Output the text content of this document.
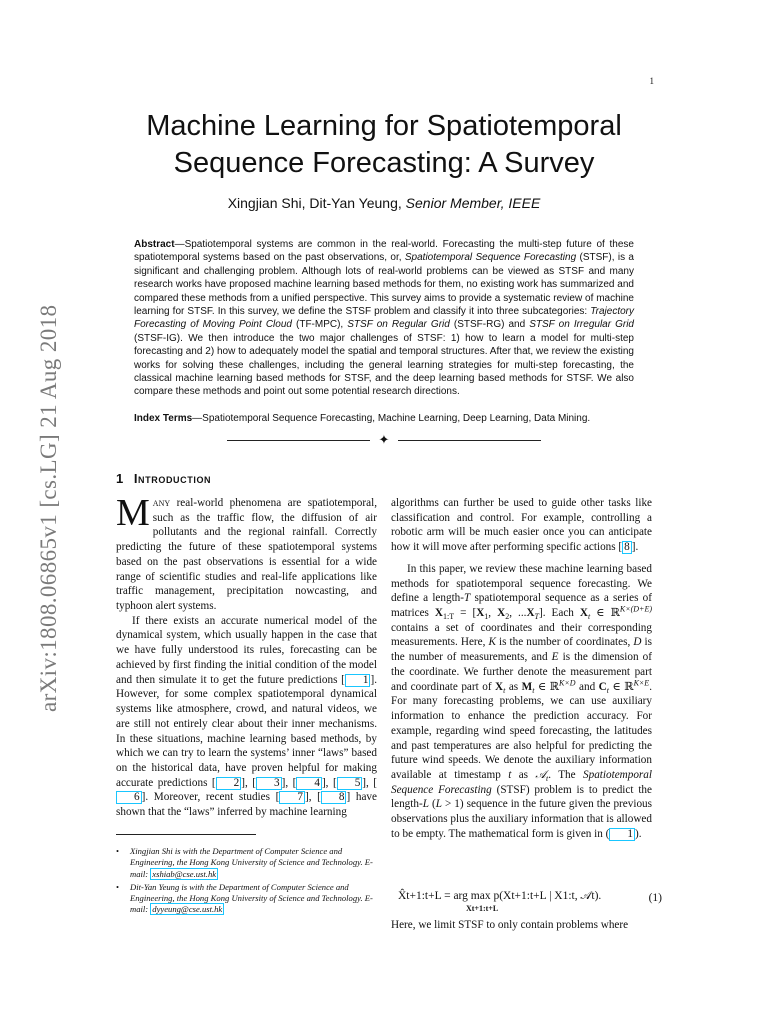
1
arXiv:1808.06865v1 [cs.LG] 21 Aug 2018
Machine Learning for Spatiotemporal
Sequence Forecasting: A Survey
Xingjian Shi, Dit-Yan Yeung, Senior Member, IEEE
Abstract—Spatiotemporal systems are common in the real-world. Forecasting the multi-step future of these spatiotemporal systems based on the past observations, or, Spatiotemporal Sequence Forecasting (STSF), is a significant and challenging problem. Although lots of real-world problems can be viewed as STSF and many research works have proposed machine learning based methods for them, no existing work has summarized and compared these methods from a unified perspective. This survey aims to provide a systematic review of machine learning for STSF. In this survey, we define the STSF problem and classify it into three subcategories: Trajectory Forecasting of Moving Point Cloud (TF-MPC), STSF on Regular Grid (STSF-RG) and STSF on Irregular Grid (STSF-IG). We then introduce the two major challenges of STSF: 1) how to learn a model for multi-step forecasting and 2) how to adequately model the spatial and temporal structures. After that, we review the existing works for solving these challenges, including the general learning strategies for multi-step forecasting, the classical machine learning based methods for STSF, and the deep learning based methods for STSF. We also compare these methods and point out some potential research directions.
Index Terms—Spatiotemporal Sequence Forecasting, Machine Learning, Deep Learning, Data Mining.
✦
1 Introduction

Many real-world phenomena are spatiotemporal, such as the traffic flow, the diffusion of air pollutants and the regional rainfall. Correctly predicting the future of these spatiotemporal systems based on the past observations is essential for a wide range of scientific studies and real-life applications like traffic management, precipitation nowcasting, and typhoon alert systems.

If there exists an accurate numerical model of the dynamical system, which usually happen in the case that we have fully understood its rules, forecasting can be achieved by first finding the initial condition of the model and then simulate it to get the future predictions [ 1 ]. However, for some complex spatiotemporal dynamical systems like atmosphere, crowd, and natural videos, we are still not entirely clear about their inner mechanisms. In these situations, machine learning based methods, by which we can try to learn the systems’ inner “laws” based on the historical data, have proven helpful for making accurate predictions [ 2 ], [ 3 ], [ 4 ], [ 5 ], [6 ]. Moreover, recent studies [ 7 ], [ 8 ] have shown that the “laws” inferred by machine learning

• Xingjian Shi is with the Department of Computer Science and Engineering, the Hong Kong University of Science and Technology. E-mail: xshiab@cse.ust.hk
• Dit-Yan Yeung is with the Department of Computer Science and Engineering, the Hong Kong University of Science and Technology. E-mail: dyyeung@cse.ust.hk

algorithms can further be used to guide other tasks like classification and control. For example, controlling a robotic arm will be much easier once you can anticipate how it will move after performing specific actions [ 8 ].

In this paper, we review these machine learning based methods for spatiotemporal sequence forecasting. We define a length-T spatiotemporal sequence as a series of matrices $X_{1:T} = [X_1$, $X_2$, $...X_T$]. Each $X_t$ ∈ ℝ$^{K\times(D+E)}$ contains a set of coordinates and their corresponding measurements. Here, K is the number of coordinates, D is the number of measurements, and E is the dimension of the coordinate. We further denote the measurement part and coordinate part of $X_t$ as $M_t$ ∈ ℝ$^{K\times D}$ and $C_t$ ∈ ℝ$^{K\times E}$. For many forecasting problems, we can use auxiliary information to enhance the prediction accuracy. For example, regarding wind speed forecasting, the latitudes and past temperatures are also helpful for predicting the future wind speeds. We denote the auxiliary information available at timestamp t as 𝒜$_t$. The Spatiotemporal Sequence Forecasting (STSF) problem is to predict the length-L (L > 1) sequence in the future given the previous observations plus the auxiliary information that is allowed to be empty. The mathematical form is given in ( 1 ).

X̂t+1:t+L = arg max p(Xt+1:t+L | X1:t, 𝒜t).
Xt+1:t+L
(1)
Here, we limit STSF to only contain problems where
